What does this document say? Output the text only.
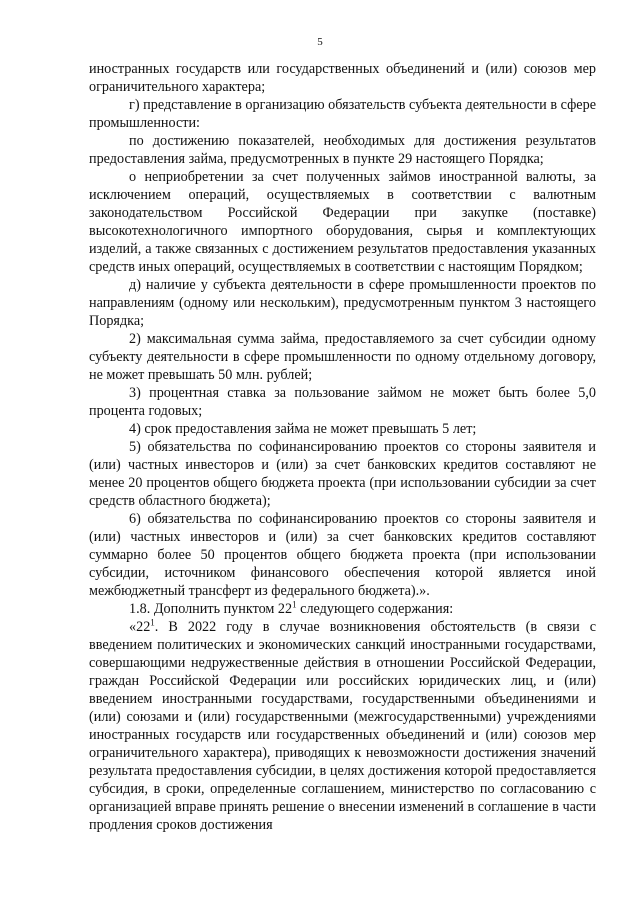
5

иностранных государств или государственных объединений и (или) союзов мер ограничительного характера;

г) представление в организацию обязательств субъекта деятельности в сфере промышленности:

по достижению показателей, необходимых для достижения результатов предоставления займа, предусмотренных в пункте 29 настоящего Порядка;

о неприобретении за счет полученных займов иностранной валюты, за исключением операций, осуществляемых в соответствии с валютным законодательством Российской Федерации при закупке (поставке) высокотехнологичного импортного оборудования, сырья и комплектующих изделий, а также связанных с достижением результатов предоставления указанных средств иных операций, осуществляемых в соответствии с настоящим Порядком;

д) наличие у субъекта деятельности в сфере промышленности проектов по направлениям (одному или нескольким), предусмотренным пунктом 3 настоящего Порядка;

2) максимальная сумма займа, предоставляемого за счет субсидии одному субъекту деятельности в сфере промышленности по одному отдельному договору, не может превышать 50 млн. рублей;

3) процентная ставка за пользование займом не может быть более 5,0 процента годовых;

4) срок предоставления займа не может превышать 5 лет;

5) обязательства по софинансированию проектов со стороны заявителя и (или) частных инвесторов и (или) за счет банковских кредитов составляют не менее 20 процентов общего бюджета проекта (при использовании субсидии за счет средств областного бюджета);

6) обязательства по софинансированию проектов со стороны заявителя и (или) частных инвесторов и (или) за счет банковских кредитов составляют суммарно более 50 процентов общего бюджета проекта (при использовании субсидии, источником финансового обеспечения которой является иной межбюджетный трансферт из федерального бюджета).».

1.8. Дополнить пунктом $22^1$ следующего содержания:

«$22^1$. В 2022 году в случае возникновения обстоятельств (в связи с введением политических и экономических санкций иностранными государствами, совершающими недружественные действия в отношении Российской Федерации, граждан Российской Федерации или российских юридических лиц, и (или) введением иностранными государствами, государственными объединениями и (или) союзами и (или) государственными (межгосударственными) учреждениями иностранных государств или государственных объединений и (или) союзов мер ограничительного характера), приводящих к невозможности достижения значений результата предоставления субсидии, в целях достижения которой предоставляется субсидия, в сроки, определенные соглашением, министерство по согласованию с организацией вправе принять решение о внесении изменений в соглашение в части продления сроков достижения
